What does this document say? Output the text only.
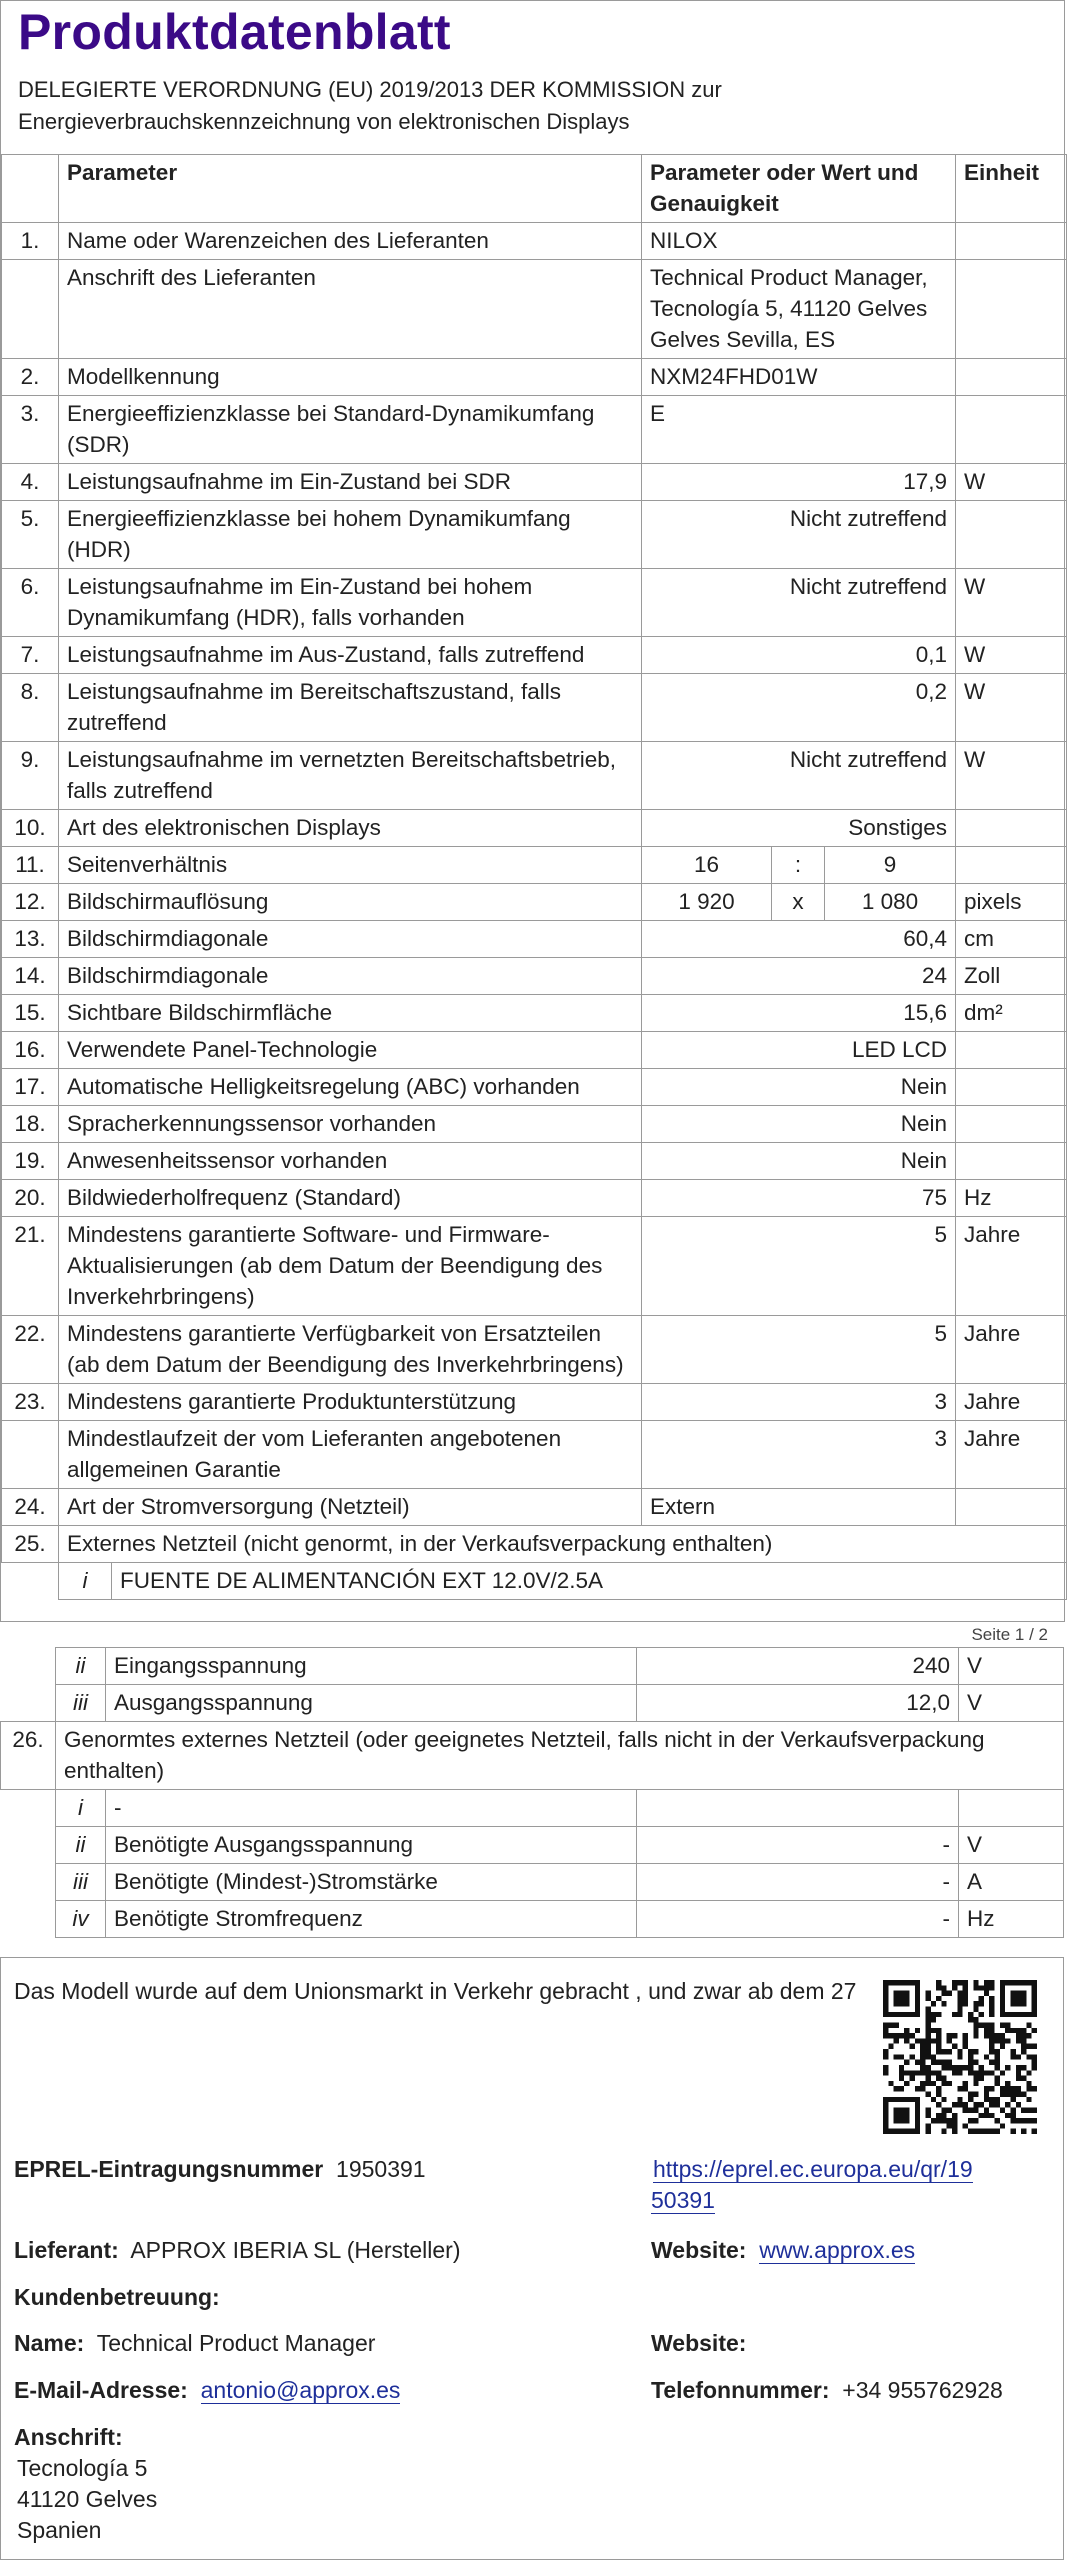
Produktdatenblatt
DELEGIERTE VERORDNUNG (EU) 2019/2013 DER KOMMISSION zur
Energieverbrauchskennzeichnung von elektronischen Displays
	Parameter	Parameter oder Wert und Genauigkeit			Einheit
1.	Name oder Warenzeichen des Lieferanten	NILOX			
	Anschrift des Lieferanten	Technical Product Manager, Tecnología 5, 41120 Gelves Gelves Sevilla, ES			
2.	Modellkennung	NXM24FHD01W			
3.	Energieeffizienzklasse bei Standard-Dynamikumfang (SDR)	E			
4.	Leistungsaufnahme im Ein-Zustand bei SDR	17,9			W
5.	Energieeffizienzklasse bei hohem Dynamikumfang (HDR)	Nicht zutreffend			
6.	Leistungsaufnahme im Ein-Zustand bei hohem Dynamikumfang (HDR), falls vorhanden	Nicht zutreffend			W
7.	Leistungsaufnahme im Aus-Zustand, falls zutreffend	0,1			W
8.	Leistungsaufnahme im Bereitschaftszustand, falls zutreffend	0,2			W
9.	Leistungsaufnahme im vernetzten Bereitschaftsbetrieb, falls zutreffend	Nicht zutreffend			W
10.	Art des elektronischen Displays	Sonstiges			
11.	Seitenverhältnis	16	:	9	
12.	Bildschirmauflösung	1 920	x	1 080	pixels
13.	Bildschirmdiagonale	60,4			cm
14.	Bildschirmdiagonale	24			Zoll
15.	Sichtbare Bildschirmfläche	15,6			dm²
16.	Verwendete Panel-Technologie	LED LCD			
17.	Automatische Helligkeitsregelung (ABC) vorhanden	Nein			
18.	Spracherkennungssensor vorhanden	Nein			
19.	Anwesenheitssensor vorhanden	Nein			
20.	Bildwiederholfrequenz (Standard)	75			Hz
21.	Mindestens garantierte Software- und Firmware-Aktualisierungen (ab dem Datum der Beendigung des Inverkehrbringens)	5			Jahre
22.	Mindestens garantierte Verfügbarkeit von Ersatzteilen (ab dem Datum der Beendigung des Inverkehrbringens)	5			Jahre
23.	Mindestens garantierte Produktunterstützung	3			Jahre
	Mindestlaufzeit der vom Lieferanten angebotenen allgemeinen Garantie	3			Jahre
24.	Art der Stromversorgung (Netzteil)	Extern			
25.	Externes Netzteil (nicht genormt, in der Verkaufsverpackung enthalten)				

	i FUENTE DE ALIMENTANCIÓN EXT 12.0V/2.5A				
Seite 1 / 2
	ii	Eingangsspannung	240	V
	iii	Ausgangsspannung	12,0	V
26.	Genormtes externes Netzteil (oder geeignetes Netzteil, falls nicht in der Verkaufsverpackung enthalten)			
	i	-		
	ii	Benötigte Ausgangsspannung	-	V
	iii	Benötigte (Mindest-)Stromstärke	-	A
	iv	Benötigte Stromfrequenz	-	Hz
Das Modell wurde auf dem Unionsmarkt in Verkehr gebracht , und zwar ab dem 27
EPREL-Eintragungsnummer 1950391	https://eprel.ec.europa.eu/qr/19
50391
Lieferant: APPROX IBERIA SL (Hersteller)	Website: www.approx.es
Kundenbetreuung:
Name: Technical Product Manager	Website:
E-Mail-Adresse: antonio@approx.es	Telefonnummer: +34 955762928
Anschrift:
Tecnología 5
41120 Gelves
Spanien
